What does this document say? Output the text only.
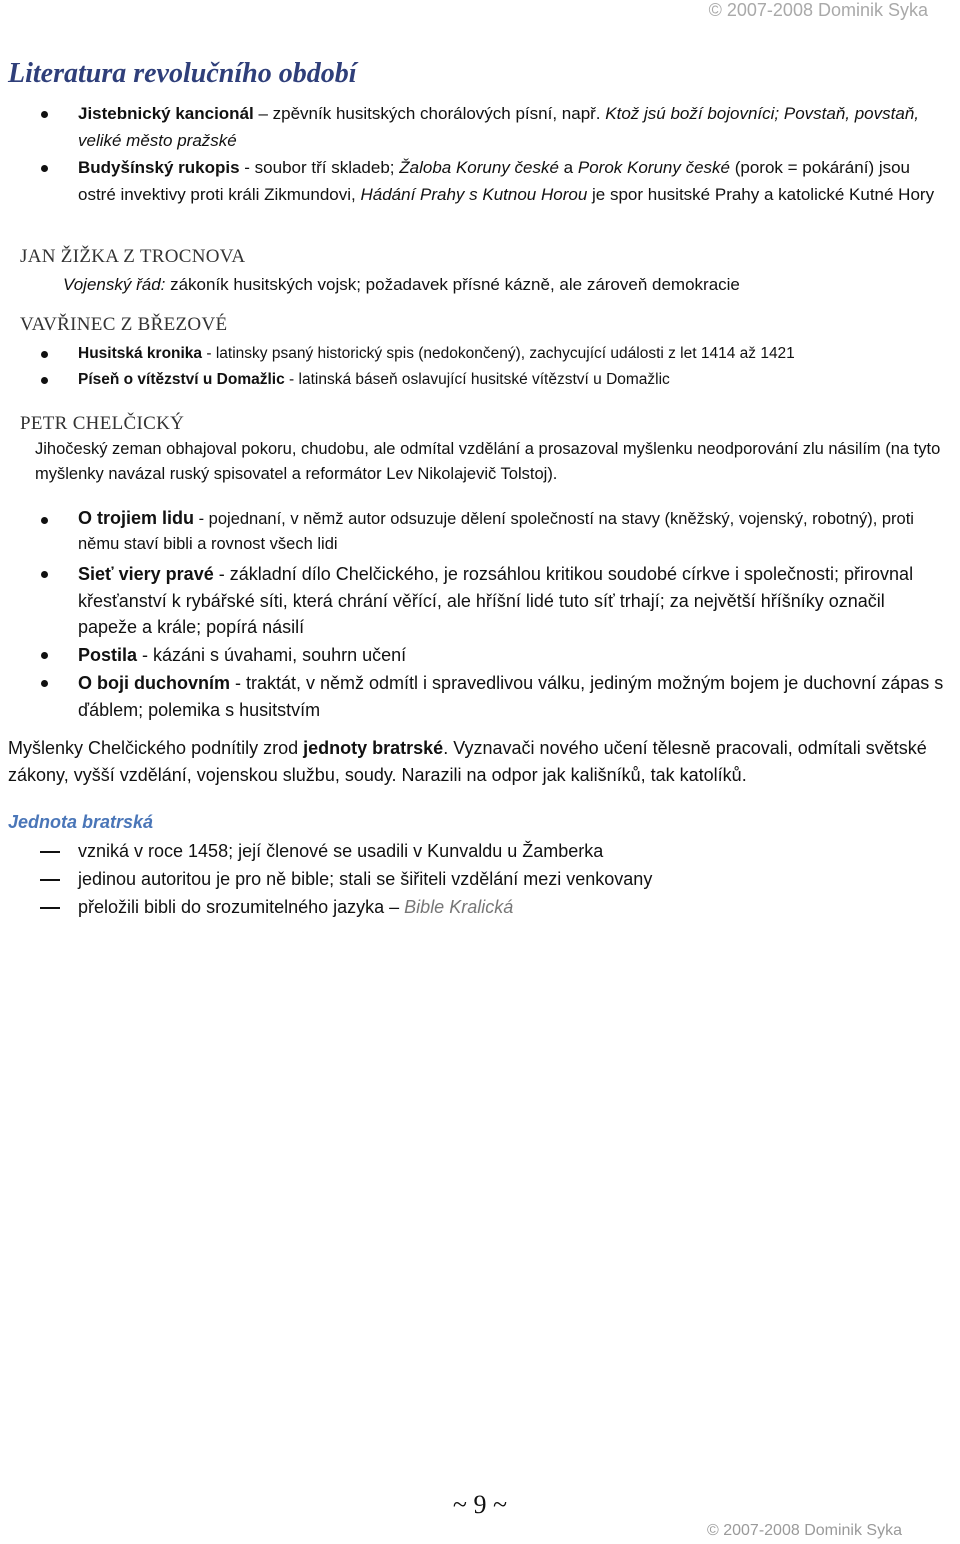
© 2007-2008 Dominik Syka
Literatura revolučního období
Jistebnický kancionál – zpěvník husitských chorálových písní, např. Ktož jsú boží bojovníci; Povstaň, povstaň, veliké město pražské
Budyšínský rukopis - soubor tří skladeb; Žaloba Koruny české a Porok Koruny české (porok = pokárání) jsou ostré invektivy proti králi Zikmundovi, Hádání Prahy s Kutnou Horou je spor husitské Prahy a katolické Kutné Hory
JAN ŽIŽKA Z TROCNOVA
Vojenský řád: zákoník husitských vojsk; požadavek přísné kázně, ale zároveň demokracie
VAVŘINEC Z BŘEZOVÉ
Husitská kronika - latinsky psaný historický spis (nedokončený), zachycující události z let 1414 až 1421
Píseň o vítězství u Domažlic - latinská báseň oslavující husitské vítězství u Domažlic
PETR CHELČICKÝ
Jihočeský zeman obhajoval pokoru, chudobu, ale odmítal vzdělání a prosazoval myšlenku neodporování zlu násilím (na tyto myšlenky navázal ruský spisovatel a reformátor Lev Nikolajevič Tolstoj).
O trojiem lidu - pojednaní, v němž autor odsuzuje dělení společností na stavy (kněžský, vojenský, robotný), proti němu staví bibli a rovnost všech lidi
Sieť viery pravé - základní dílo Chelčického, je rozsáhlou kritikou soudobé církve i společnosti; přirovnal křesťanství k rybářské síti, která chrání věřící, ale hříšní lidé tuto síť trhají; za největší hříšníky označil papeže a krále; popírá násilí
Postila - kázáni s úvahami, souhrn učení
O boji duchovním - traktát, v němž odmítl i spravedlivou válku, jediným možným bojem je duchovní zápas s ďáblem; polemika s husitstvím
Myšlenky Chelčického podnítily zrod jednoty bratrské. Vyznavači nového učení tělesně pracovali, odmítali světské zákony, vyšší vzdělání, vojenskou službu, soudy. Narazili na odpor jak kališníků, tak katolíků.
Jednota bratrská
vzniká v roce 1458; její členové se usadili v Kunvaldu u Žamberka
jedinou autoritou je pro ně bible; stali se šiřiteli vzdělání mezi venkovany
přeložili bibli do srozumitelného jazyka – Bible Kralická
~ 9 ~
© 2007-2008 Dominik Syka
